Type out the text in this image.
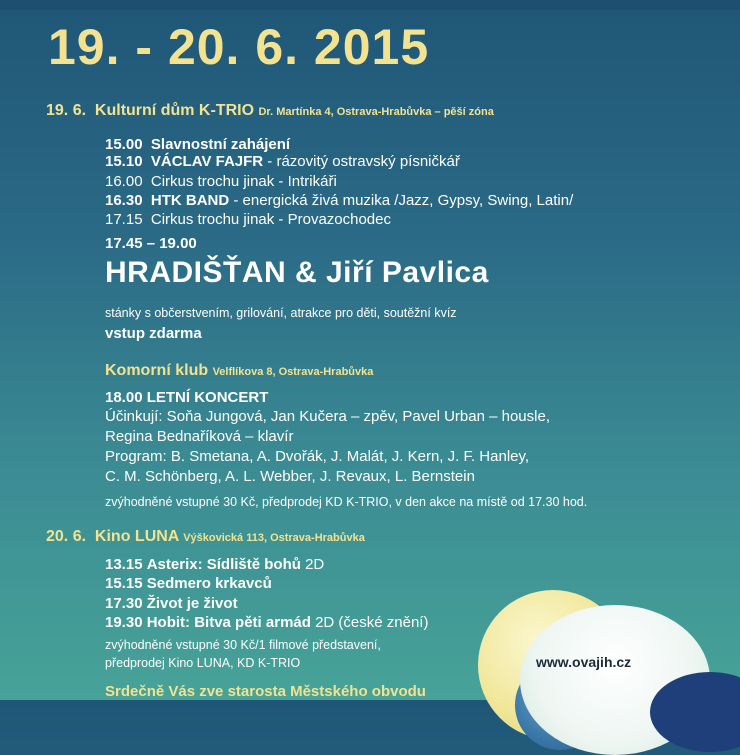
19. - 20. 6. 2015
19. 6. Kulturní dům K-TRIO Dr. Martínka 4, Ostrava-Hrabůvka – pěší zóna
15.00 Slavnostní zahájení
15.10 VÁCLAV FAJFR - rázovitý ostravský písničkář
16.00 Cirkus trochu jinak - Intrikáři
16.30 HTK BAND - energická živá muzika /Jazz, Gypsy, Swing, Latin/
17.15 Cirkus trochu jinak - Provazochodec
17.45 – 19.00
HRADIŠŤAN & Jiří Pavlica
stánky s občerstvením, grilování, atrakce pro děti, soutěžní kvíz
vstup zdarma
Komorní klub Velflíkova 8, Ostrava-Hrabůvka
18.00 LETNÍ KONCERT
Účinkují: Soňa Jungová, Jan Kučera – zpěv, Pavel Urban – housle,
Regina Bednaříková – klavír
Program: B. Smetana, A. Dvořák, J. Malát, J. Kern, J. F. Hanley,
C. M. Schönberg, A. L. Webber, J. Revaux, L. Bernstein
zvýhodněné vstupné 30 Kč, předprodej KD K-TRIO, v den akce na místě od 17.30 hod.
20. 6. Kino LUNA Výškovická 113, Ostrava-Hrabůvka
13.15 Asterix: Sídliště bohů 2D
15.15 Sedmero krkavců
17.30 Život je život
19.30 Hobit: Bitva pěti armád 2D (české znění)
zvýhodněné vstupné 30 Kč/1 filmové představení,
předprodej Kino LUNA, KD K-TRIO
Srdečně Vás zve starosta Městského obvodu
www.ovajih.cz
